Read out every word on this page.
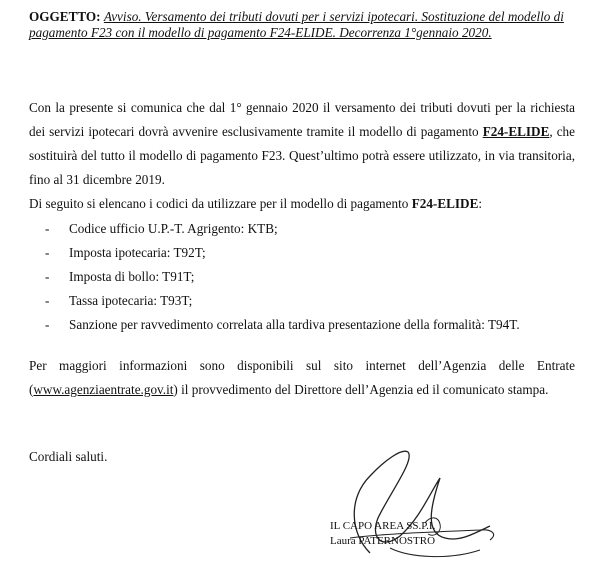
OGGETTO: Avviso. Versamento dei tributi dovuti per i servizi ipotecari. Sostituzione del modello di pagamento F23 con il modello di pagamento F24-ELIDE. Decorrenza 1°gennaio 2020.
Con la presente si comunica che dal 1° gennaio 2020 il versamento dei tributi dovuti per la richiesta dei servizi ipotecari dovrà avvenire esclusivamente tramite il modello di pagamento F24-ELIDE, che sostituirà del tutto il modello di pagamento F23. Quest’ultimo potrà essere utilizzato, in via transitoria, fino al 31 dicembre 2019.
Di seguito si elencano i codici da utilizzare per il modello di pagamento F24-ELIDE:
- Codice ufficio U.P.-T. Agrigento: KTB;
- Imposta ipotecaria: T92T;
- Imposta di bollo: T91T;
- Tassa ipotecaria: T93T;
- Sanzione per ravvedimento correlata alla tardiva presentazione della formalità: T94T.
Per maggiori informazioni sono disponibili sul sito internet dell’Agenzia delle Entrate (www.agenziaentrate.gov.it) il provvedimento del Direttore dell’Agenzia ed il comunicato stampa.
Cordiali saluti.
IL CAPO AREA SS.P.I.
Laura PATERNOSTRO
